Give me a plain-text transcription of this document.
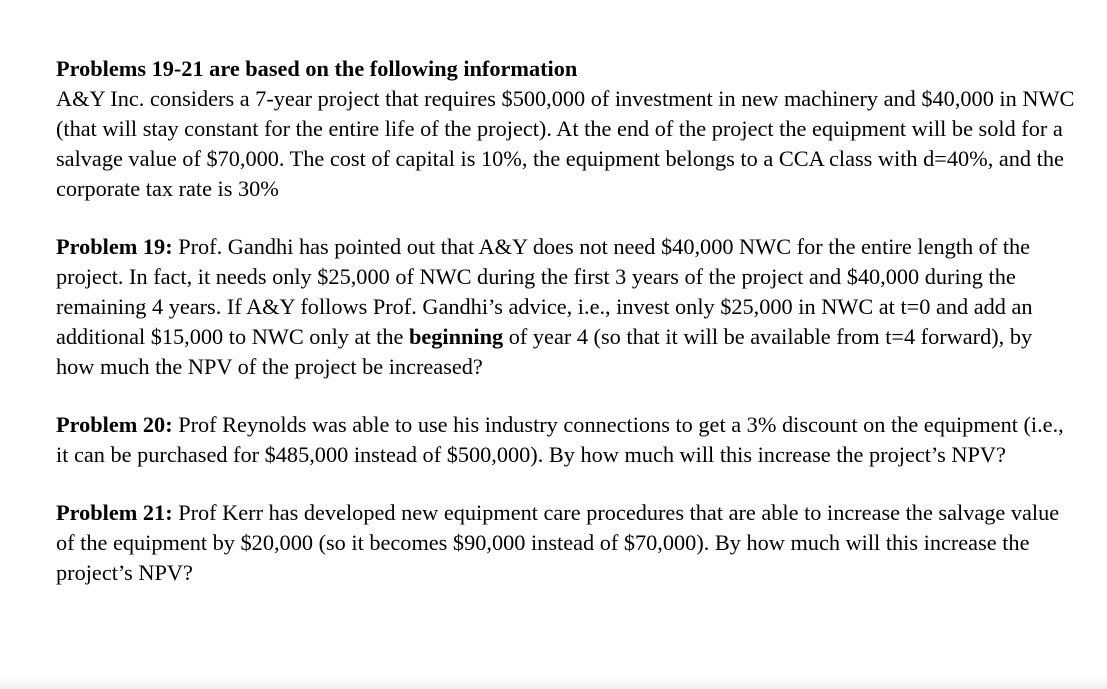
Problems 19-21 are based on the following information
A&Y Inc. considers a 7-year project that requires $500,000 of investment in new machinery and $40,000 in NWC (that will stay constant for the entire life of the project). At the end of the project the equipment will be sold for a salvage value of $70,000. The cost of capital is 10%, the equipment belongs to a CCA class with d=40%, and the corporate tax rate is 30%

Problem 19: Prof. Gandhi has pointed out that A&Y does not need $40,000 NWC for the entire length of the project. In fact, it needs only $25,000 of NWC during the first 3 years of the project and $40,000 during the remaining 4 years. If A&Y follows Prof. Gandhi’s advice, i.e., invest only $25,000 in NWC at t=0 and add an additional $15,000 to NWC only at the beginning of year 4 (so that it will be available from t=4 forward), by how much the NPV of the project be increased?

Problem 20: Prof Reynolds was able to use his industry connections to get a 3% discount on the equipment (i.e., it can be purchased for $485,000 instead of $500,000). By how much will this increase the project’s NPV?

Problem 21: Prof Kerr has developed new equipment care procedures that are able to increase the salvage value of the equipment by $20,000 (so it becomes $90,000 instead of $70,000). By how much will this increase the project’s NPV?
